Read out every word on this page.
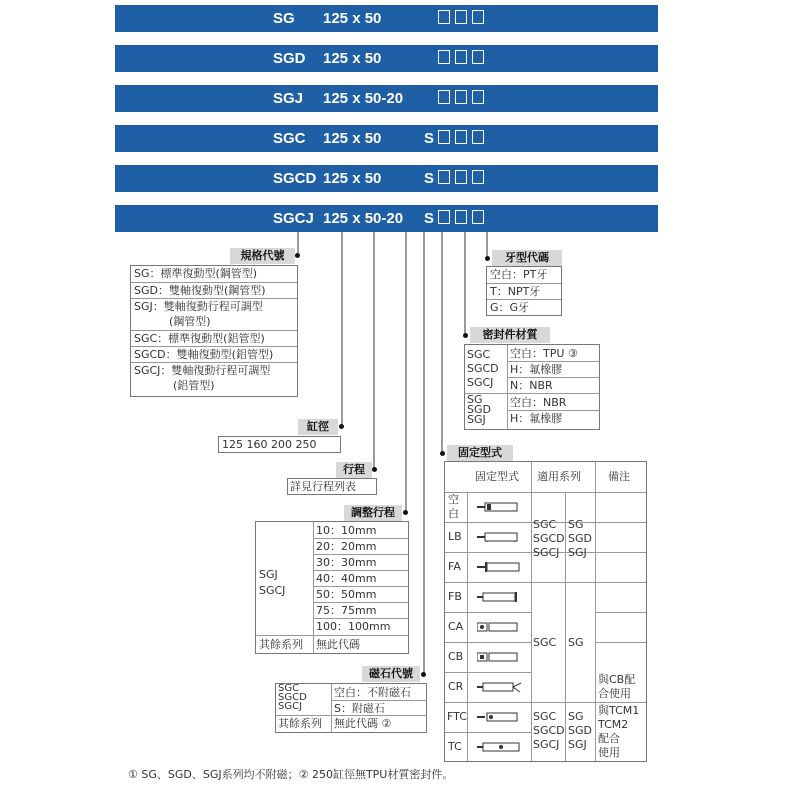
SG 125 x 50
SGD 125 x 50
SGJ 125 x 50-20
SGC 125 x 50	S
SGCD 125 x 50	S
SGCJ 125 x 50-20 S
規格代號
SG：標準復動型(鋼管型)
SGD：雙軸復動型(鋼管型)
SGJ：雙軸復動行程可調型
(鋼管型)
SGC：標準復動型(鋁管型)
SGCD：雙軸復動型(鋁管型)
SGCJ：雙軸復動行程可調型
(鋁管型)
缸徑
125 160 200 250
行程
詳見行程列表
調整行程
SGJ
SGCJ
10：10mm
20：20mm
30：30mm
40：40mm
50：50mm
75：75mm
100：100mm
其餘系列 無此代碼
磁石代號
SGC
SGCD
SGCJ
空白：不附磁石
S：附磁石
其餘系列 無此代碼 ②
牙型代碼
空白：PT牙
T：NPT牙
G：G牙
密封件材質
SGC
SGCD
SGCJ
空白：TPU ③
H：氟橡膠
N：NBR
SG
SGD
SGJ
空白：NBR
H：氟橡膠
固定型式
固定型式 適用系列 備注
空白
LB
FA
FB
CA
CB
CR
FTC
TC
SGC
SGCD
SGCJ
SG
SGD
SGJ
SGC SG
SGC
SGCD
SGCJ
SG
SGD
SGJ
與CB配
合使用
與TCM1
TCM2
配合
使用
① SG、SGD、SGJ系列均不附磁；② 250缸徑無TPU材質密封件。
